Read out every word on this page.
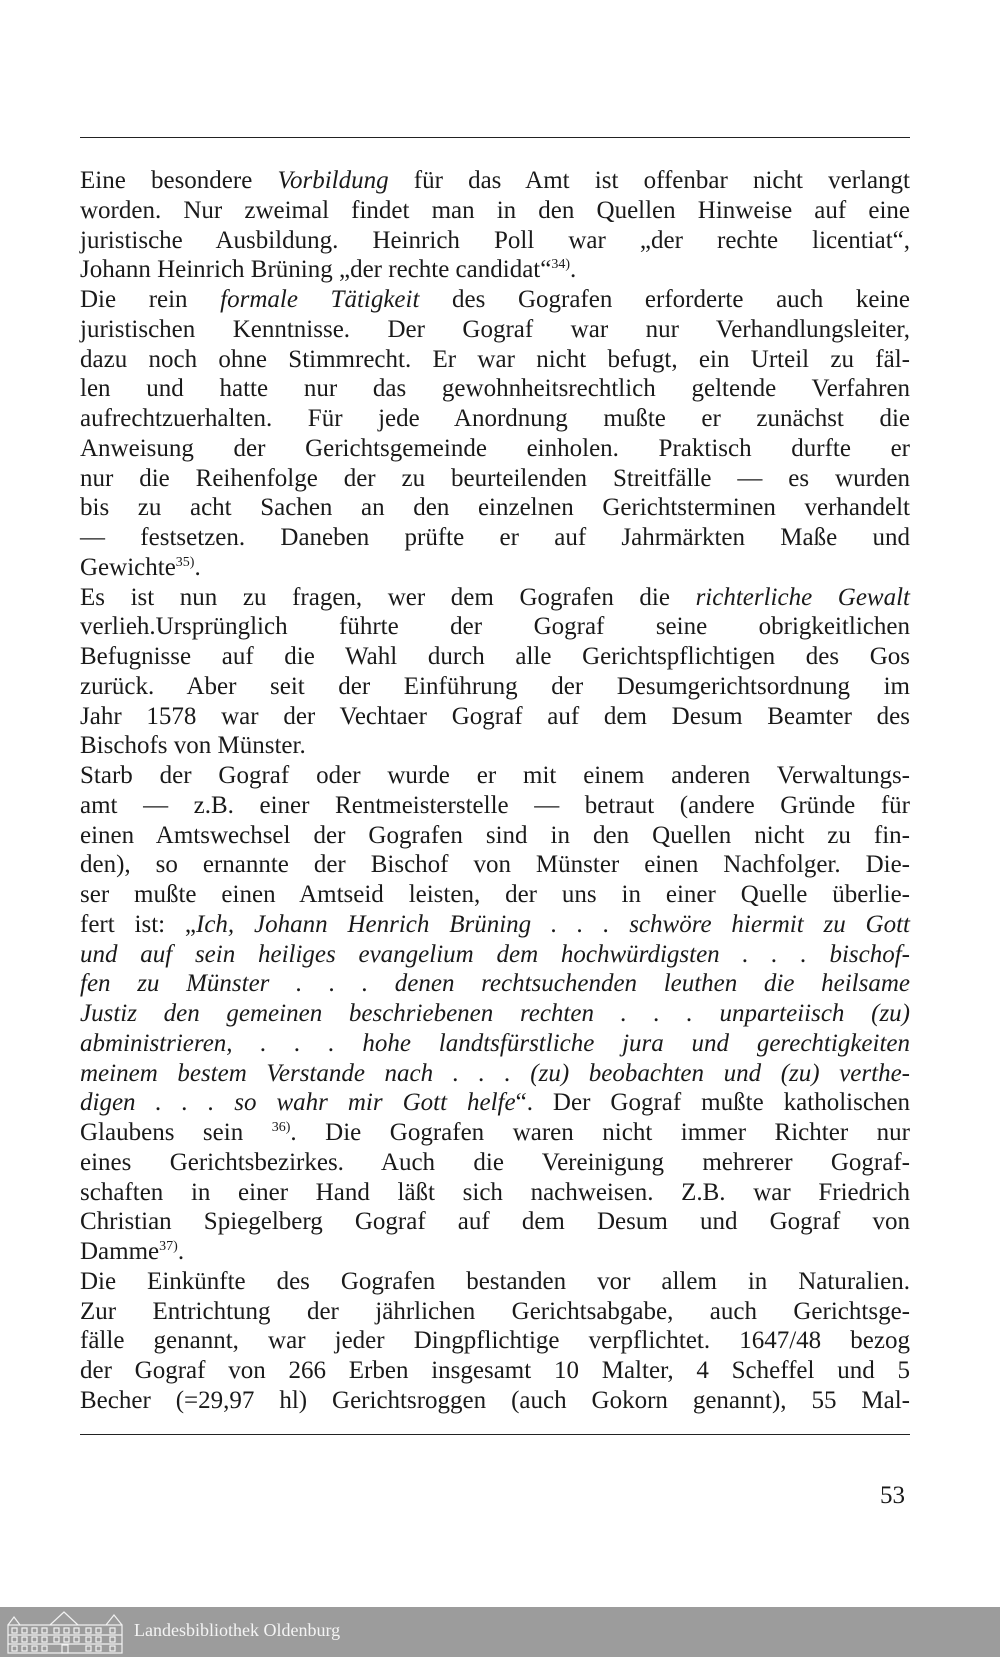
Eine besondere Vorbildung für das Amt ist offenbar nicht verlangt
worden. Nur zweimal findet man in den Quellen Hinweise auf eine
juristische Ausbildung. Heinrich Poll war „der rechte licentiat“,
Johann Heinrich Brüning „der rechte candidat“$^{34)}$.
Die rein formale Tätigkeit des Gografen erforderte auch keine
juristischen Kenntnisse. Der Gograf war nur Verhandlungsleiter,
dazu noch ohne Stimmrecht. Er war nicht befugt, ein Urteil zu fäl-
len und hatte nur das gewohnheitsrechtlich geltende Verfahren
aufrechtzuerhalten. Für jede Anordnung mußte er zunächst die
Anweisung der Gerichtsgemeinde einholen. Praktisch durfte er
nur die Reihenfolge der zu beurteilenden Streitfälle — es wurden
bis zu acht Sachen an den einzelnen Gerichtsterminen verhandelt
— festsetzen. Daneben prüfte er auf Jahrmärkten Maße und
Gewichte$^{35)}$.
Es ist nun zu fragen, wer dem Gografen die richterliche Gewalt
verlieh.Ursprünglich führte der Gograf seine obrigkeitlichen
Befugnisse auf die Wahl durch alle Gerichtspflichtigen des Gos
zurück. Aber seit der Einführung der Desumgerichtsordnung im
Jahr 1578 war der Vechtaer Gograf auf dem Desum Beamter des
Bischofs von Münster.
Starb der Gograf oder wurde er mit einem anderen Verwaltungs-
amt — z.B. einer Rentmeisterstelle — betraut (andere Gründe für
einen Amtswechsel der Gografen sind in den Quellen nicht zu fin-
den), so ernannte der Bischof von Münster einen Nachfolger. Die-
ser mußte einen Amtseid leisten, der uns in einer Quelle überlie-
fert ist: „Ich, Johann Henrich Brüning . . . schwöre hiermit zu Gott
und auf sein heiliges evangelium dem hochwürdigsten . . . bischof-
fen zu Münster . . . denen rechtsuchenden leuthen die heilsame
Justiz den gemeinen beschriebenen rechten . . . unparteiisch (zu)
abministrieren, . . . hohe landtsfürstliche jura und gerechtigkeiten
meinem bestem Verstande nach . . . (zu) beobachten und (zu) verthe-
digen . . . so wahr mir Gott helfe“. Der Gograf mußte katholischen
Glaubens sein $^{36)}$. Die Gografen waren nicht immer Richter nur
eines Gerichtsbezirkes. Auch die Vereinigung mehrerer Gograf-
schaften in einer Hand läßt sich nachweisen. Z.B. war Friedrich
Christian Spiegelberg Gograf auf dem Desum und Gograf von
Damme$^{37)}$.
Die Einkünfte des Gografen bestanden vor allem in Naturalien.
Zur Entrichtung der jährlichen Gerichtsabgabe, auch Gerichtsge-
fälle genannt, war jeder Dingpflichtige verpflichtet. 1647/48 bezog
der Gograf von 266 Erben insgesamt 10 Malter, 4 Scheffel und 5
Becher (=29,97 hl) Gerichtsroggen (auch Gokorn genannt), 55 Mal-
53
Landesbibliothek Oldenburg
